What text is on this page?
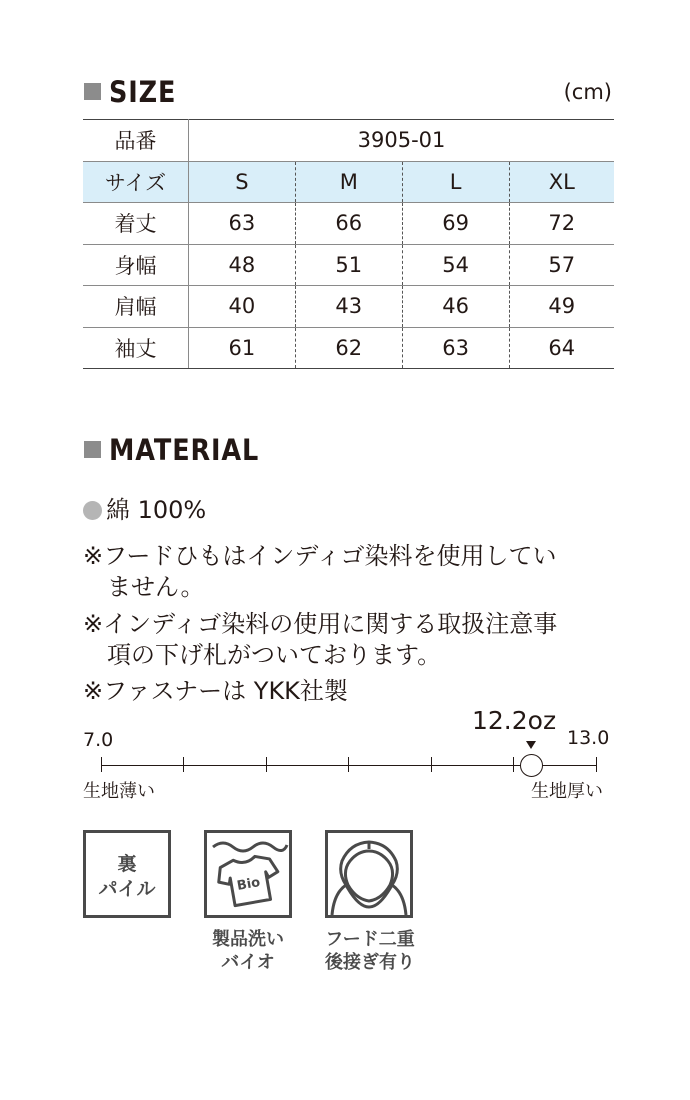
SIZE	(cm)
品番	3905-01			
サイズ	S	M	L	XL
着丈	63	66	69	72
身幅	48	51	54	57
肩幅	40	43	46	49
袖丈	61	62	63	64
MATERIAL
綿 100%
※フードひもはインディゴ染料を使用してい
ません。
※インディゴ染料の使用に関する取扱注意事
項の下げ札がついております。
※ファスナーは YKK社製
7.0	13.0
12.2oz
生地薄い	生地厚い
裏
パイル	Bio
製品洗い
バイオ
フード二重
後接ぎ有り
